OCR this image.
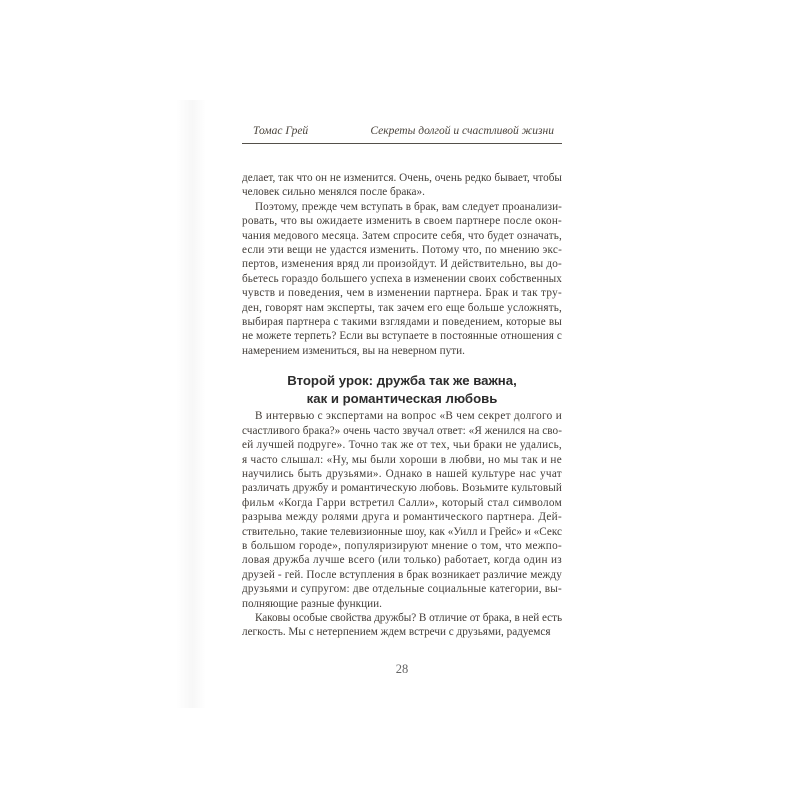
Томас Грей	Секреты долгой и счастливой жизни
делает, так что он не изменится. Очень, очень редко бывает, чтобы
человек сильно менялся после брака».
Поэтому, прежде чем вступать в брак, вам следует проанализи-
ровать, что вы ожидаете изменить в своем партнере после окон-
чания медового месяца. Затем спросите себя, что будет означать,
если эти вещи не удастся изменить. Потому что, по мнению экс-
пертов, изменения вряд ли произойдут. И действительно, вы до-
бьетесь гораздо большего успеха в изменении своих собственных
чувств и поведения, чем в изменении партнера. Брак и так тру-
ден, говорят нам эксперты, так зачем его еще больше усложнять,
выбирая партнера с такими взглядами и поведением, которые вы
не можете терпеть? Если вы вступаете в постоянные отношения с
намерением измениться, вы на неверном пути.
Второй урок: дружба так же важна,
как и романтическая любовь
В интервью с экспертами на вопрос «В чем секрет долгого и
счастливого брака?» очень часто звучал ответ: «Я женился на сво-
ей лучшей подруге». Точно так же от тех, чьи браки не удались,
я часто слышал: «Ну, мы были хороши в любви, но мы так и не
научились быть друзьями». Однако в нашей культуре нас учат
различать дружбу и романтическую любовь. Возьмите культовый
фильм «Когда Гарри встретил Салли», который стал символом
разрыва между ролями друга и романтического партнера. Дей-
ствительно, такие телевизионные шоу, как «Уилл и Грейс» и «Секс
в большом городе», популяризируют мнение о том, что межпо-
ловая дружба лучше всего (или только) работает, когда один из
друзей - гей. После вступления в брак возникает различие между
друзьями и супругом: две отдельные социальные категории, вы-
полняющие разные функции.
Каковы особые свойства дружбы? В отличие от брака, в ней есть
легкость. Мы с нетерпением ждем встречи с друзьями, радуемся
28
